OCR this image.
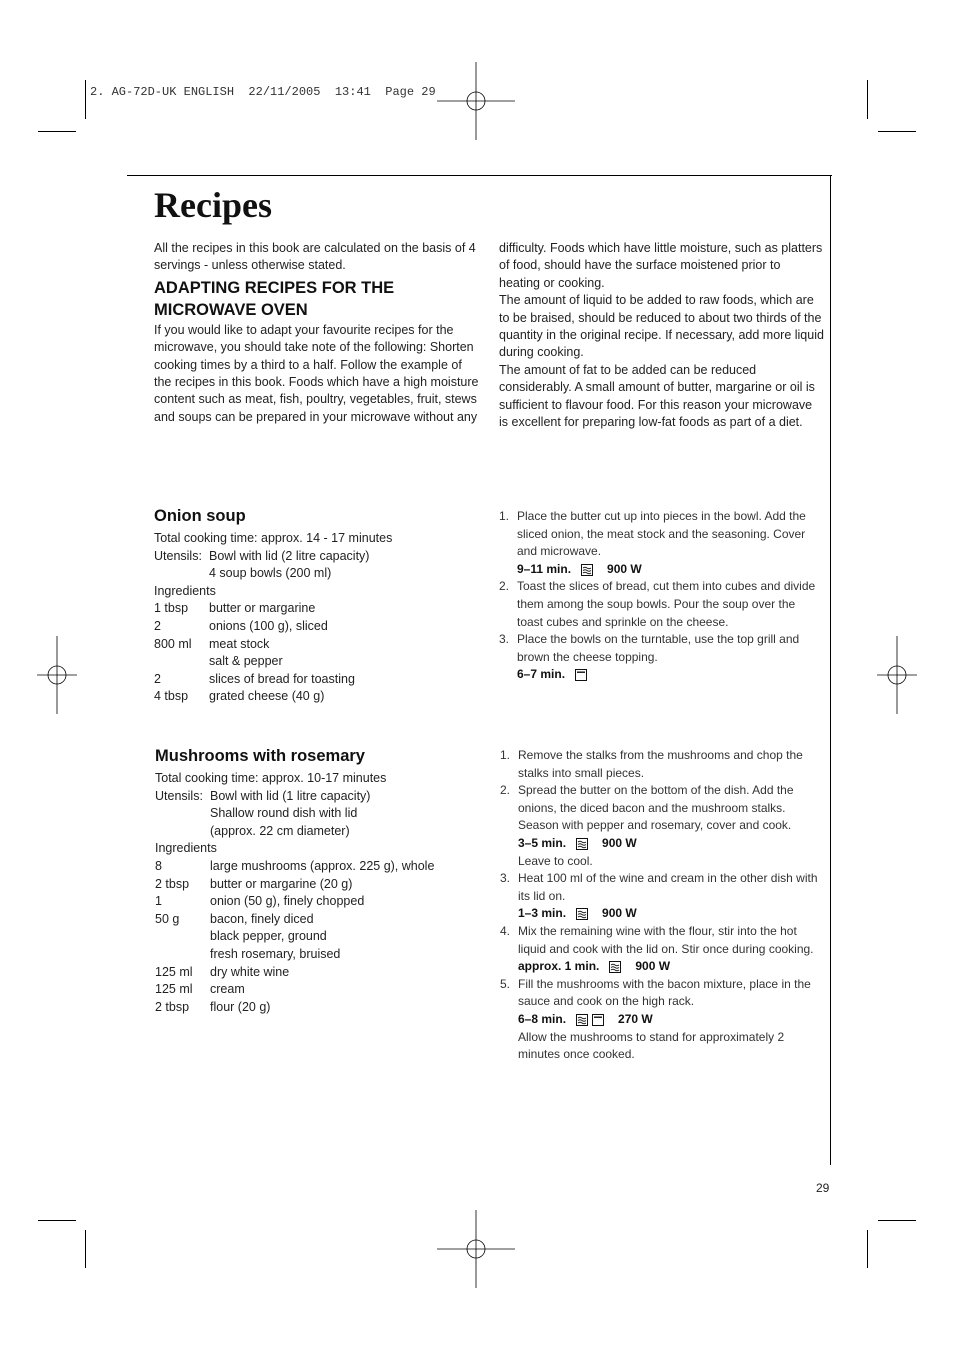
2. AG-72D-UK ENGLISH  22/11/2005  13:41  Page 29
Recipes

All the recipes in this book are calculated on the basis of 4 servings - unless otherwise stated.

ADAPTING RECIPES FOR THE
MICROWAVE OVEN

If you would like to adapt your favourite recipes for the microwave, you should take note of the following: Shorten cooking times by a third to a half. Follow the example of the recipes in this book. Foods which have a high moisture content such as meat, fish, poultry, vegetables, fruit, stews and soups can be prepared in your microwave without any

difficulty. Foods which have little moisture, such as platters of food, should have the surface moistened prior to heating or cooking.

The amount of liquid to be added to raw foods, which are to be braised, should be reduced to about two thirds of the quantity in the original recipe. If necessary, add more liquid during cooking.

The amount of fat to be added can be reduced considerably. A small amount of butter, margarine or oil is sufficient to flavour food. For this reason your microwave is excellent for preparing low-fat foods as part of a diet.

Onion soup
Total cooking time: approx. 14 - 17 minutes
Utensils: Bowl with lid (2 litre capacity)
4 soup bowls (200 ml)
Ingredients
1 tbsp	butter or margarine
2	onions (100 g), sliced
800 ml	meat stock
salt & pepper
2	slices of bread for toasting
4 tbsp	grated cheese (40 g)
1. Place the butter cut up into pieces in the bowl. Add the sliced onion, the meat stock and the seasoning. Cover and microwave.
9–11 min.	900 W
2. Toast the slices of bread, cut them into cubes and divide them among the soup bowls. Pour the soup over the toast cubes and sprinkle on the cheese.
3. Place the bowls on the turntable, use the top grill and brown the cheese topping.
6–7 min.
Mushrooms with rosemary
Total cooking time: approx. 10-17 minutes
Utensils: Bowl with lid (1 litre capacity)
Shallow round dish with lid
(approx. 22 cm diameter)
Ingredients
8	large mushrooms (approx. 225 g), whole
2 tbsp	butter or margarine (20 g)
1	onion (50 g), finely chopped
50 g	bacon, finely diced
black pepper, ground
fresh rosemary, bruised
125 ml	dry white wine
125 ml	cream
2 tbsp	flour (20 g)
1. Remove the stalks from the mushrooms and chop the stalks into small pieces.
2. Spread the butter on the bottom of the dish. Add the onions, the diced bacon and the mushroom stalks. Season with pepper and rosemary, cover and cook.
3–5 min.	900 W
Leave to cool.
3. Heat 100 ml of the wine and cream in the other dish with its lid on.
1–3 min.	900 W
4. Mix the remaining wine with the flour, stir into the hot liquid and cook with the lid on. Stir once during cooking.
approx. 1 min.	900 W
5. Fill the mushrooms with the bacon mixture, place in the sauce and cook on the high rack.
6–8 min.	270 W
Allow the mushrooms to stand for approximately 2 minutes once cooked.
29
